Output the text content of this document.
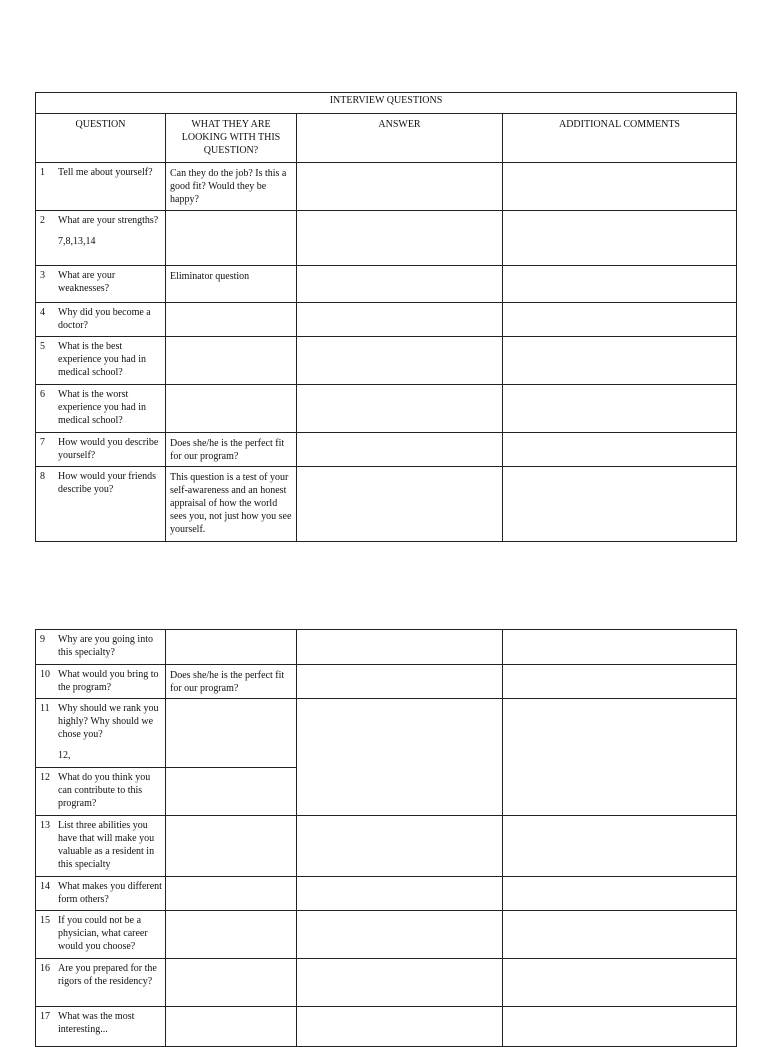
INTERVIEW QUESTIONS			
QUESTION	WHAT THEY ARE LOOKING WITH THIS QUESTION?	ANSWER	ADDITIONAL COMMENTS

1 Tell me about yourself?	Can they do the job? Is this a good fit? Would they be happy?		

2 What are your strengths?
7,8,13,14			

3 What are your weaknesses?	Eliminator question		

4 Why did you become a doctor?			

5 What is the best experience you had in medical school?			

6 What is the worst experience you had in medical school?			

7 How would you describe yourself?	Does she/he is the perfect fit for our program?		

8 How would your friends describe you?	This question is a test of your self-awareness and an honest appraisal of how the world sees you, not just how you see yourself.		
9 Why are you going into this specialty?			

10 What would you bring to the program?	Does she/he is the perfect fit for our program?		

11 Why should we rank you highly? Why should we chose you?
12,			

12 What do you think you can contribute to this program?			

13 List three abilities you have that will make you valuable as a resident in this specialty			

14 What makes you different form others?			

15 If you could not be a physician, what career would you choose?			

16 Are you prepared for the rigors of the residency?			

17 What was the most interesting...			
